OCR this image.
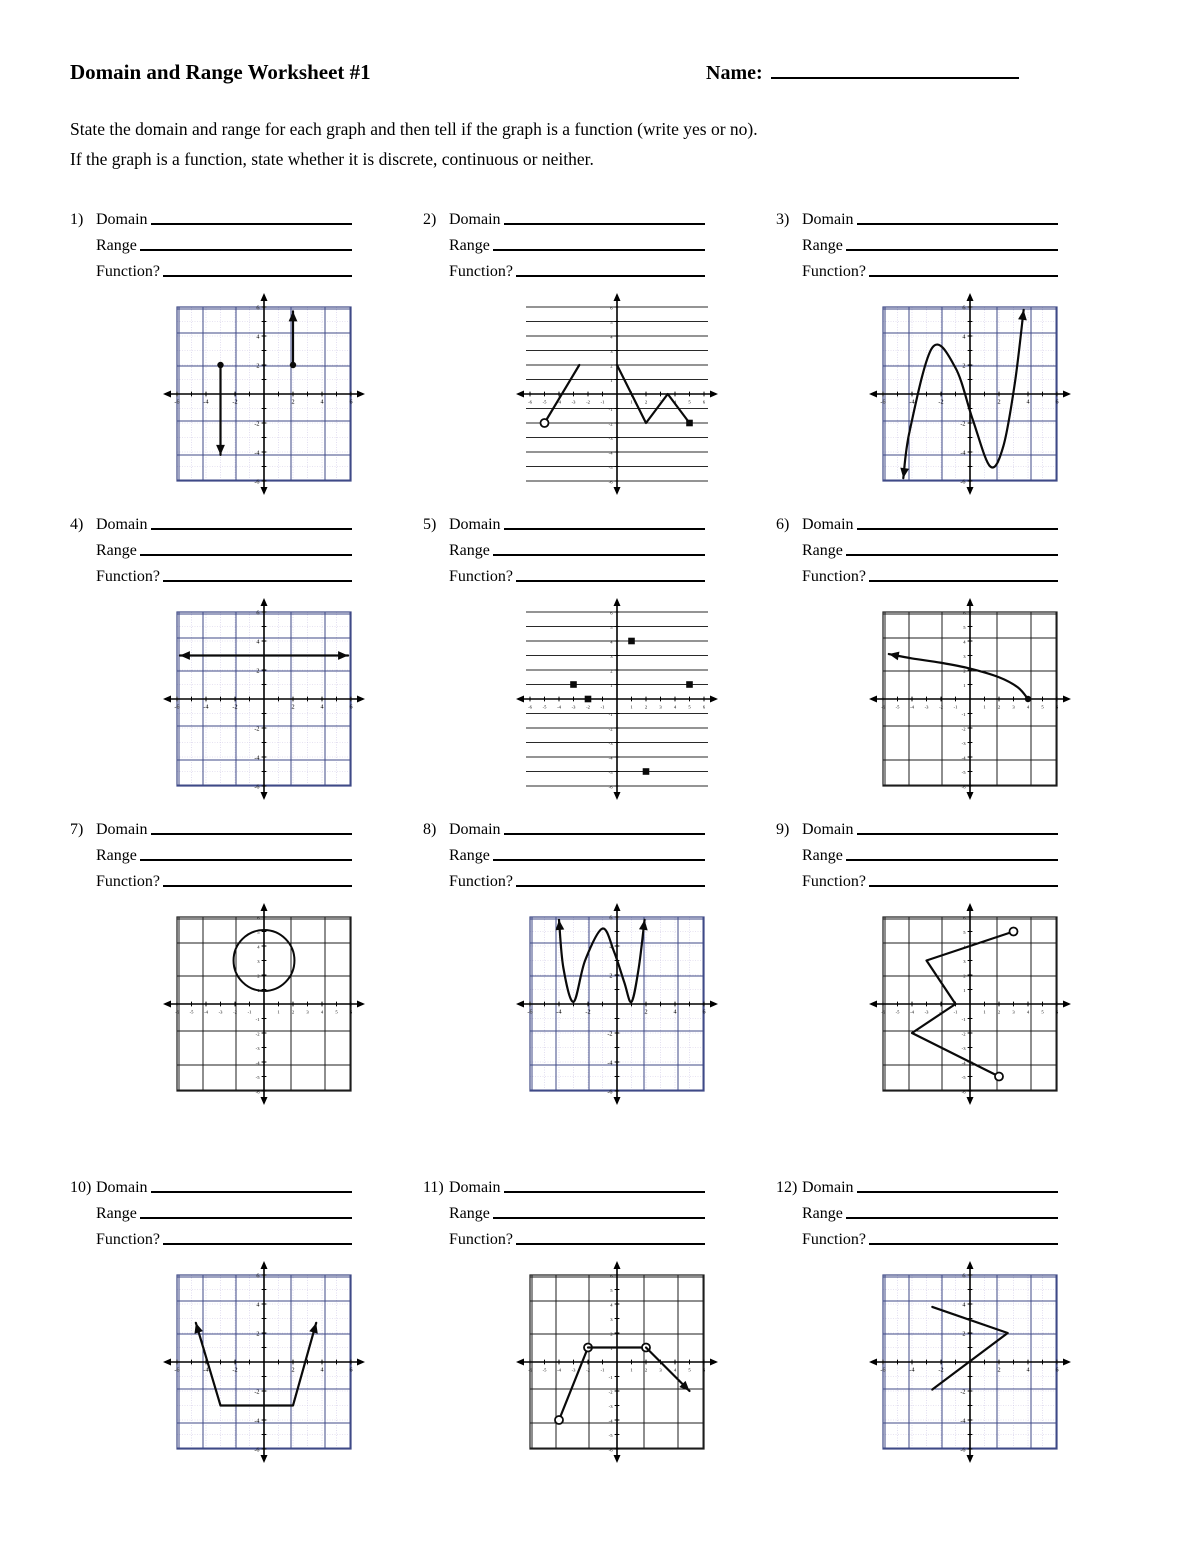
Domain and Range Worksheet #1	Name:

State the domain and range for each graph and then tell if the graph is a function (write yes or no).

If the graph is a function, state whether it is discrete, continuous or neither.

1) Domain
Range
Function?
-6
-6
-4
-4
-2
-2
2
2
4
4
6
6
2) Domain
Range
Function?
-6
-6
-5
-5
-4
-4
-3
-3
-2
-2
-1
-1
1
1
2
2
3
3
4
4
5
5
6
6
3) Domain
Range
Function?
-6
-6
-4
-4
-2
-2
2
2
4
4
6
6
4) Domain
Range
Function?
-6
-6
-4
-4
-2
-2
2
2
4
4
6
6
5) Domain
Range
Function?
-6
-6
-5
-5
-4
-4
-3
-3
-2
-2
-1
-1
1
1
2
2
3
3
4
4
5
5
6
6
6) Domain
Range
Function?
-6
-6
-5
-5
-4
-4
-3
-3
-2
-2
-1
-1
1
1
2
2
3
3
4
4
5
5
6
6
7) Domain
Range
Function?
-6
-6
-5
-5
-4
-4
-3
-3
-2
-2
-1
-1
1
1
2
2
3
3
4
4
5
5
6
6
8) Domain
Range
Function?
-6
-6
-4
-4
-2
-2
2
2
4
4
6
6
9) Domain
Range
Function?
-6
-6
-5
-5
-4
-4
-3
-3
-2
-2
-1
-1
1
1
2
2
3
3
4
4
5
5
6
6
10) Domain
Range
Function?
-6
-6
-4
-4
-2
-2
2
2
4
4
6
6
11) Domain
Range
Function?
-6
-6
-5
-5
-4
-4
-3
-3
-2
-2
-1
-1
1
1
2
2
3
3
4
4
5
5
6
6
12) Domain
Range
Function?
-6
-6
-4
-4
-2
-2
2
2
4
4
6
6
